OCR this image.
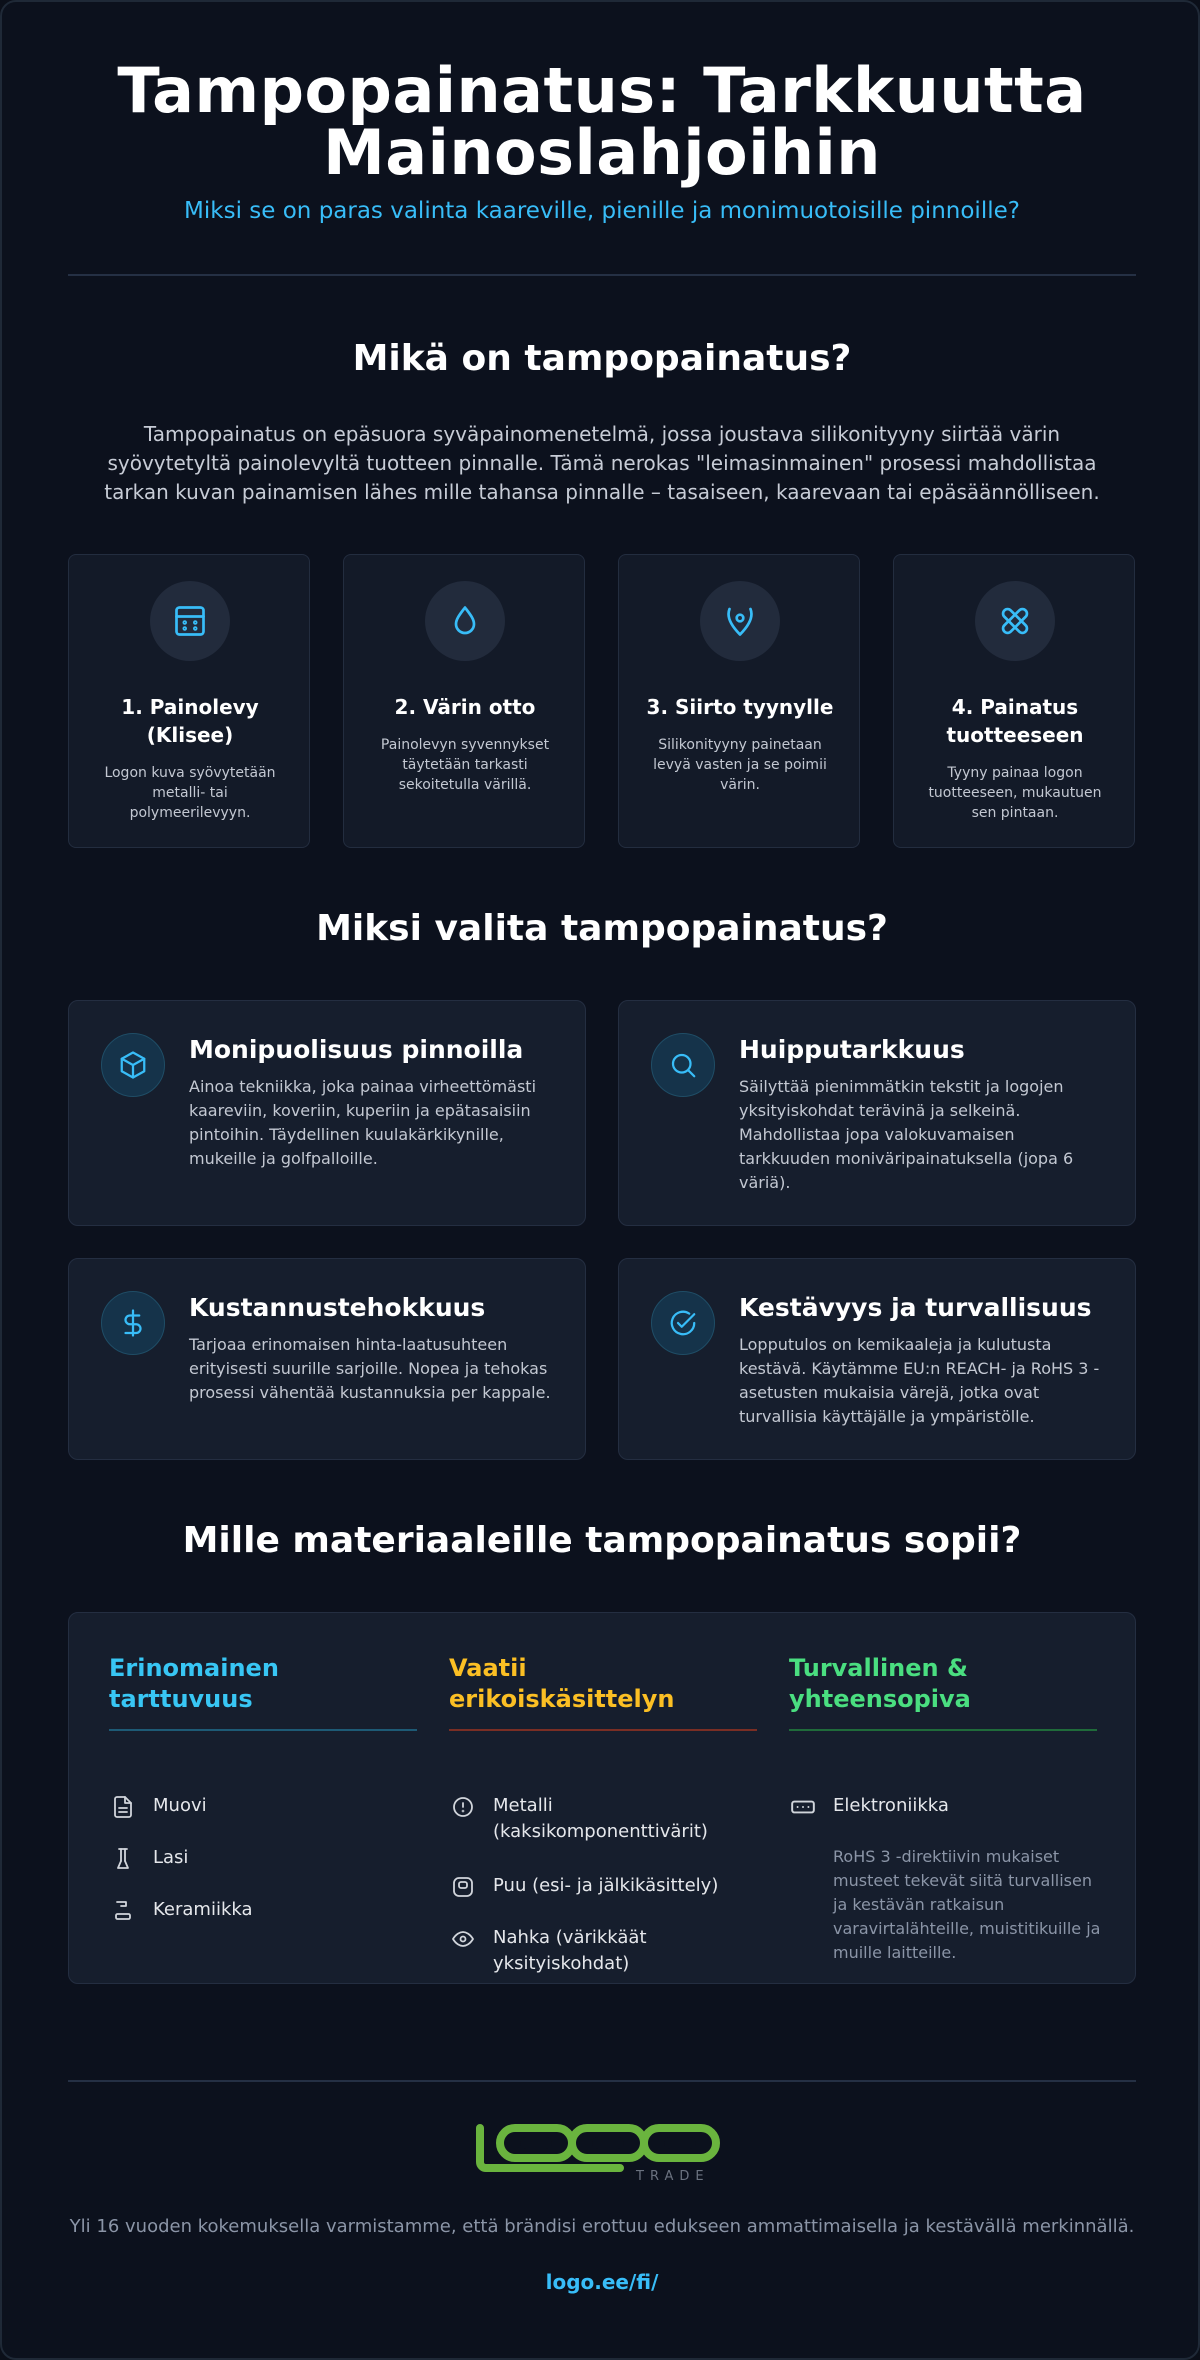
Tampopainatus: Tarkkuutta Mainoslahjoihin
Miksi se on paras valinta kaareville, pienille ja monimuotoisille pinnoille?
Mikä on tampopainatus?
Tampopainatus on epäsuora syväpainomenetelmä, jossa joustava silikonityyny siirtää värin syövytetyltä painolevyltä tuotteen pinnalle. Tämä nerokas "leimasinmainen" prosessi mahdollistaa tarkan kuvan painamisen lähes mille tahansa pinnalle – tasaiseen, kaarevaan tai epäsäännölliseen.
1. Painolevy (Klisee)
Logon kuva syövytetään metalli- tai polymeerilevyyn.
2. Värin otto
Painolevyn syvennykset täytetään tarkasti sekoitetulla värillä.
3. Siirto tyynylle
Silikonityyny painetaan levyä vasten ja se poimii värin.
4. Painatus tuotteeseen
Tyyny painaa logon tuotteeseen, mukautuen sen pintaan.
Miksi valita tampopainatus?
Monipuolisuus pinnoilla
Ainoa tekniikka, joka painaa virheettömästi kaareviin, koveriin, kuperiin ja epätasaisiin pintoihin. Täydellinen kuulakärkikynille, mukeille ja golfpalloille.
Huipputarkkuus
Säilyttää pienimmätkin tekstit ja logojen yksityiskohdat terävinä ja selkeinä. Mahdollistaa jopa valokuvamaisen tarkkuuden moniväripainatuksella (jopa 6 väriä).
Kustannustehokkuus
Tarjoaa erinomaisen hinta-laatusuhteen erityisesti suurille sarjoille. Nopea ja tehokas prosessi vähentää kustannuksia per kappale.
Kestävyys ja turvallisuus
Lopputulos on kemikaaleja ja kulutusta kestävä. Käytämme EU:n REACH- ja RoHS 3 -asetusten mukaisia värejä, jotka ovat turvallisia käyttäjälle ja ympäristölle.
Mille materiaaleille tampopainatus sopii?
Erinomainen tarttuvuus
Muovi
Lasi
Keramiikka
Vaatii erikoiskäsittelyn
Metalli (kaksikomponenttivärit)
Puu (esi- ja jälkikäsittely)
Nahka (värikkäät yksityiskohdat)
Turvallinen & yhteensopiva
Elektroniikka
RoHS 3 -direktiivin mukaiset musteet tekevät siitä turvallisen ja kestävän ratkaisun varavirtalähteille, muistitikuille ja muille laitteille.
TRADE
Yli 16 vuoden kokemuksella varmistamme, että brändisi erottuu edukseen ammattimaisella ja kestävällä merkinnällä.
logo.ee/fi/
